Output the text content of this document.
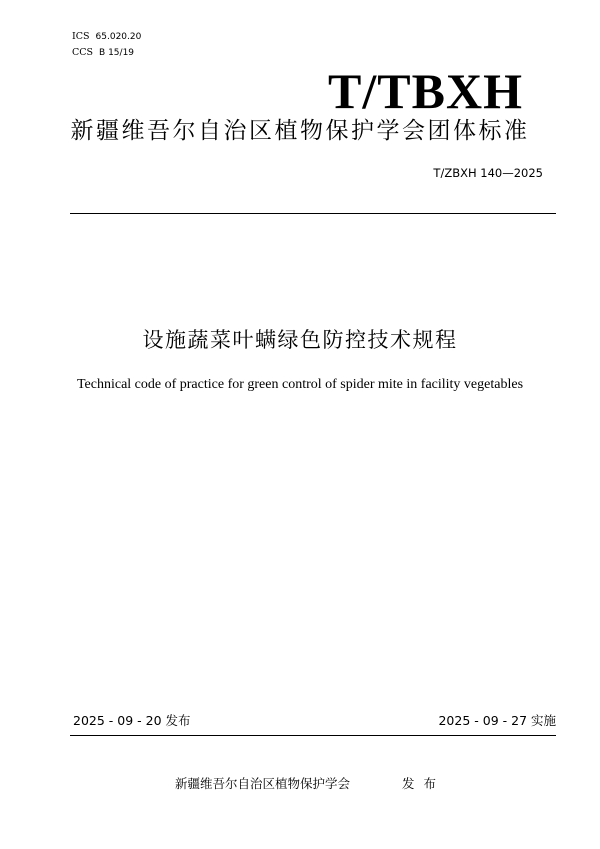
ICS 65.020.20
CCS B 15/19
T/TBXH
新疆维吾尔自治区植物保护学会团体标准
T/ZBXH 140—2025
设施蔬菜叶螨绿色防控技术规程
Technical code of practice for green control of spider mite in facility vegetables
2025 - 09 - 20 发布	2025 - 09 - 27 实施
新疆维吾尔自治区植物保护学会	发布
